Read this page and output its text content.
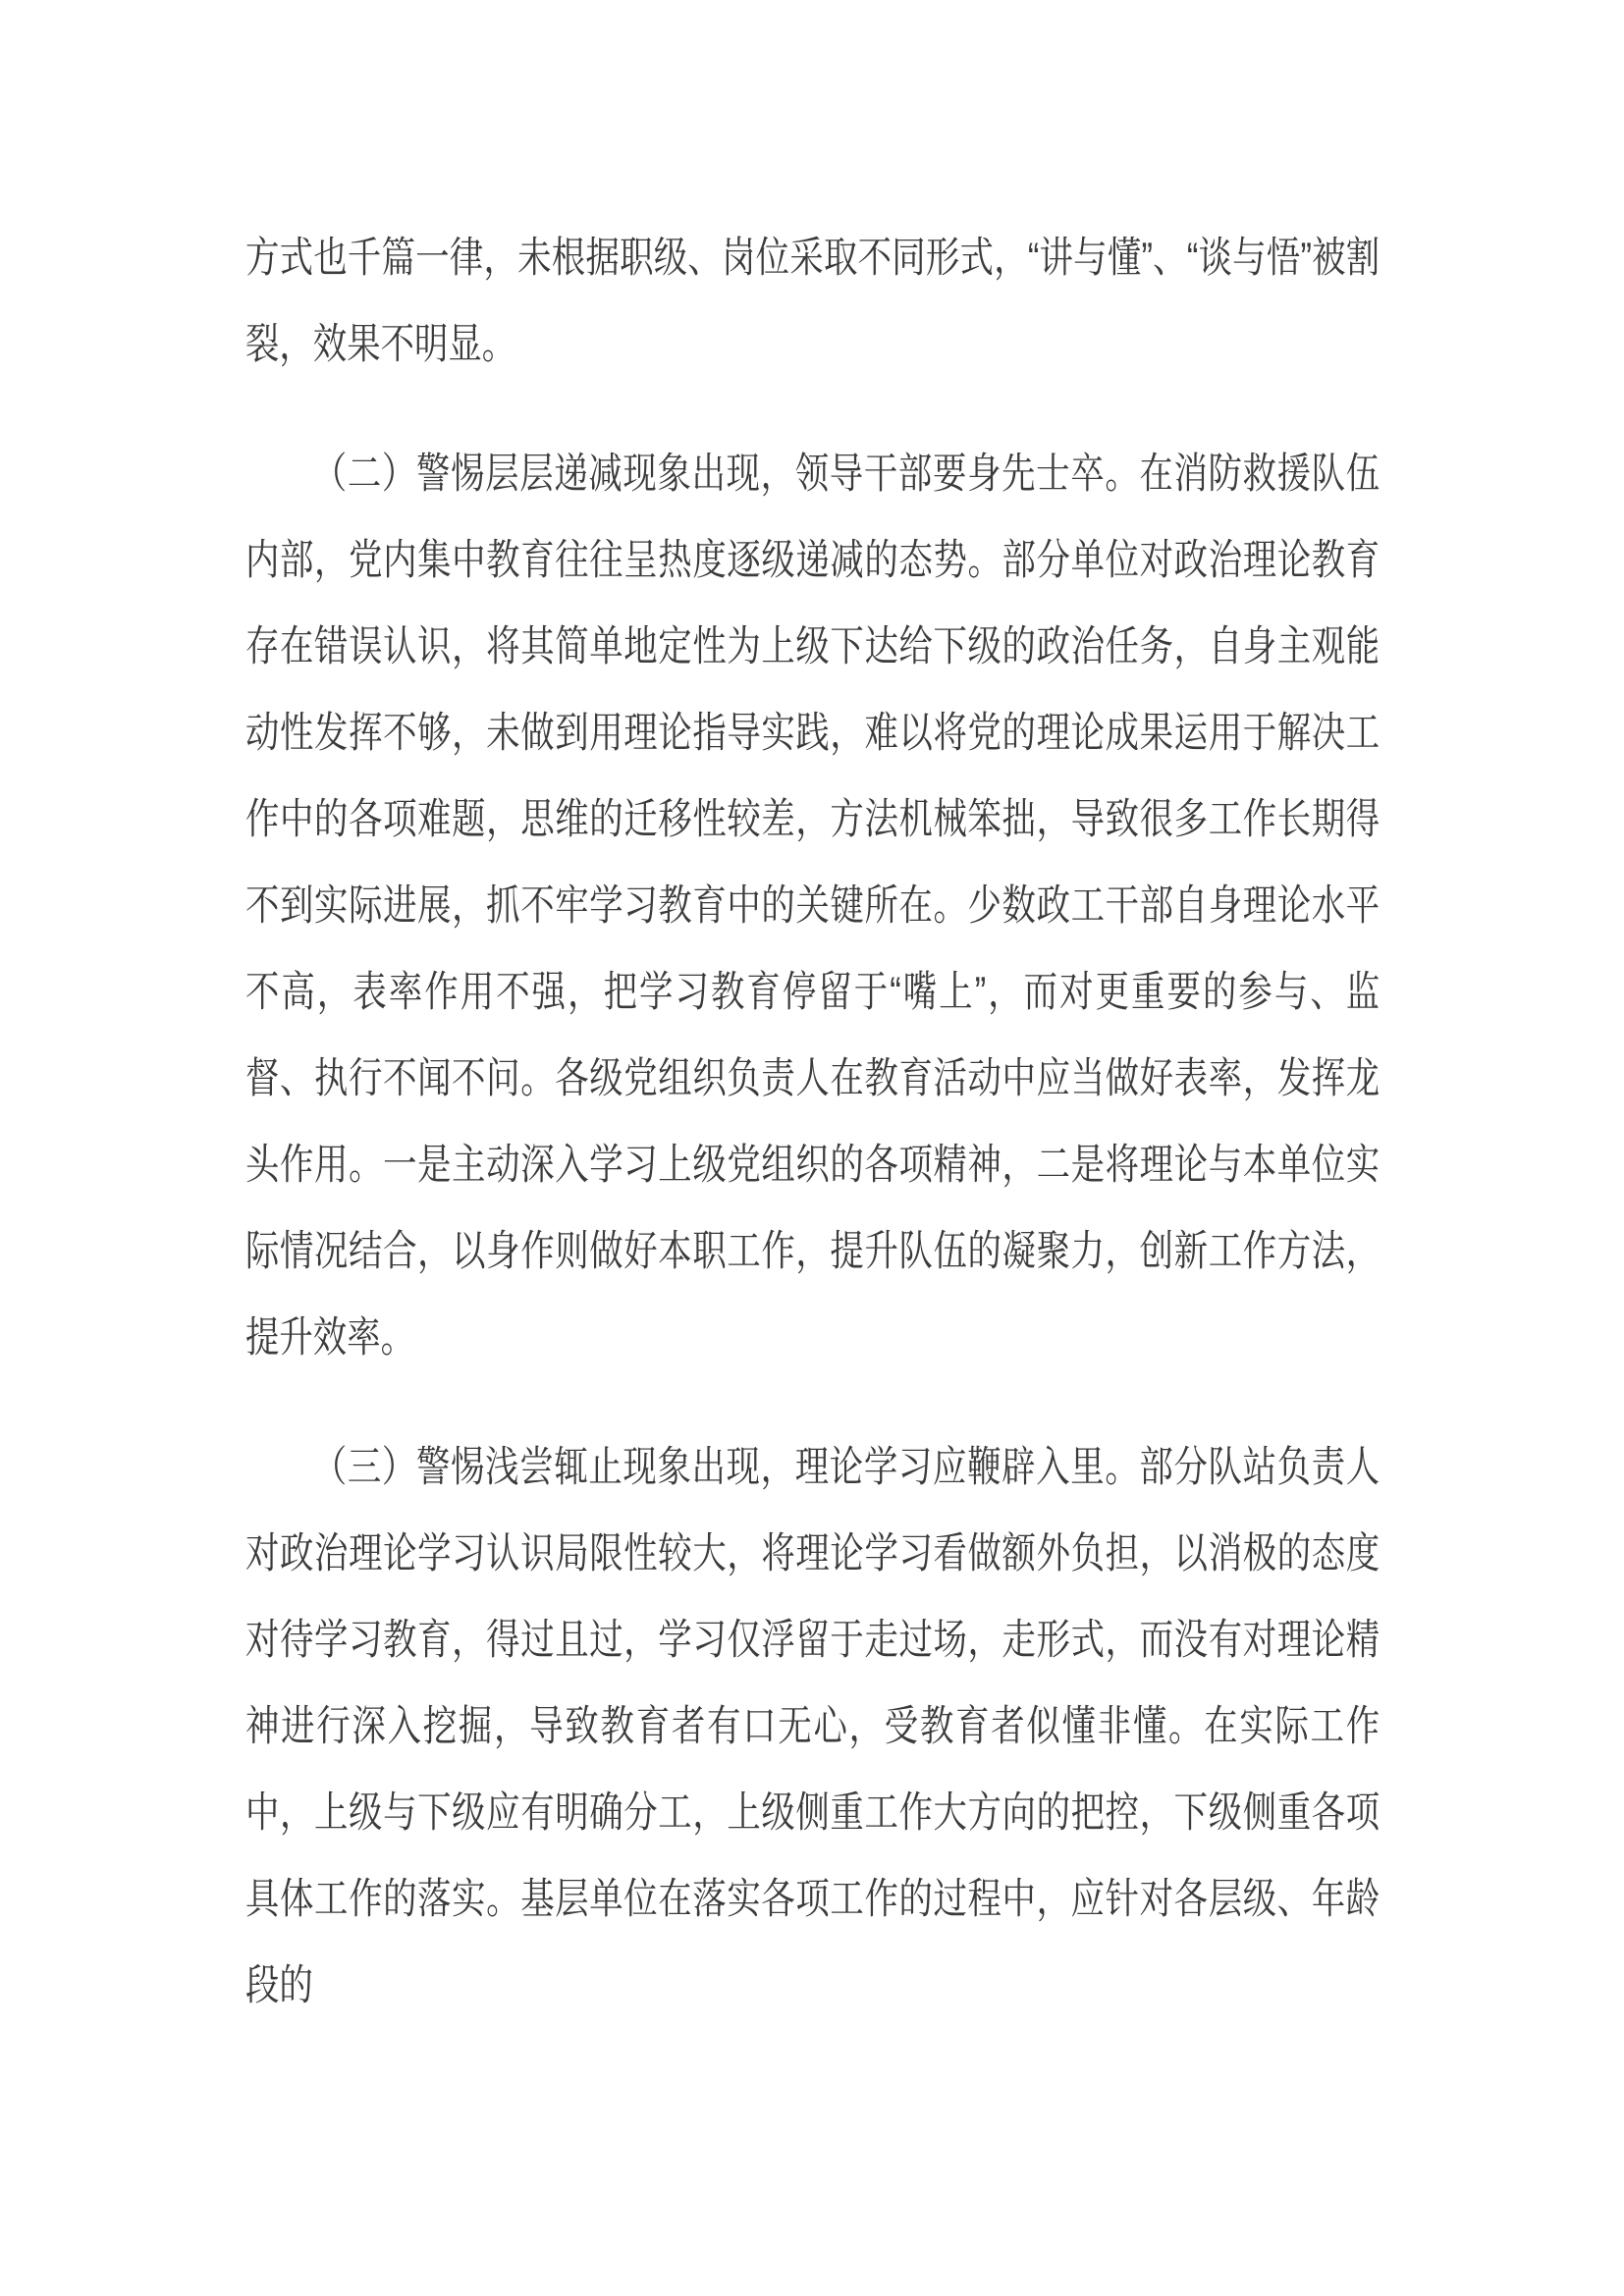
方式也千篇一律，未根据职级、岗位采取不同形式，“讲与懂”、“谈与悟”被割裂，效果不明显。

（二）警惕层层递减现象出现，领导干部要身先士卒。在消防救援队伍内部，党内集中教育往往呈热度逐级递减的态势。部分单位对政治理论教育存在错误认识，将其简单地定性为上级下达给下级的政治任务，自身主观能动性发挥不够，未做到用理论指导实践，难以将党的理论成果运用于解决工作中的各项难题，思维的迁移性较差，方法机械笨拙，导致很多工作长期得不到实际进展，抓不牢学习教育中的关键所在。少数政工干部自身理论水平不高，表率作用不强，把学习教育停留于“嘴上”，而对更重要的参与、监督、执行不闻不问。各级党组织负责人在教育活动中应当做好表率，发挥龙头作用。一是主动深入学习上级党组织的各项精神，二是将理论与本单位实际情况结合，以身作则做好本职工作，提升队伍的凝聚力，创新工作方法，提升效率。

（三）警惕浅尝辄止现象出现，理论学习应鞭辟入里。部分队站负责人对政治理论学习认识局限性较大，将理论学习看做额外负担，以消极的态度对待学习教育，得过且过，学习仅浮留于走过场，走形式，而没有对理论精神进行深入挖掘，导致教育者有口无心，受教育者似懂非懂。在实际工作中，上级与下级应有明确分工，上级侧重工作大方向的把控，下级侧重各项具体工作的落实。基层单位在落实各项工作的过程中，应针对各层级、年龄段的
